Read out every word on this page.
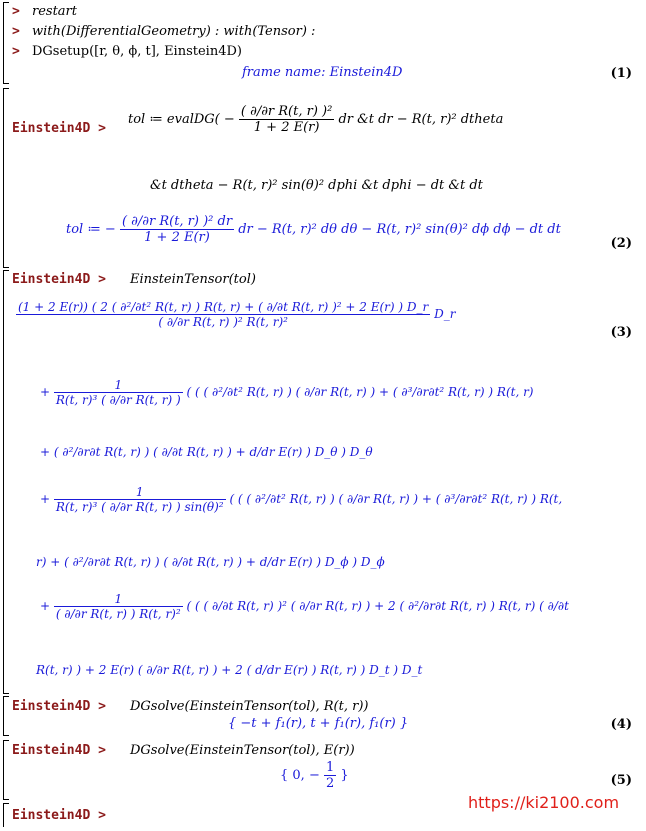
> restart
> with(DifferentialGeometry) : with(Tensor) :
> DGsetup([r, θ, ϕ, t], Einstein4D)
frame name: Einstein4D	(1)
Einstein4D >
tol ≔ evalDG( − $\frac{\text{( ∂/∂r R(t, r) )²}}{1 + 2 E(r)}$ dr &t dr − R(t, r)² dtheta
&t dtheta − R(t, r)² sin(θ)² dphi &t dphi − dt &t dt
tol ≔ − $\frac{\text{( ∂/∂r R(t, r) )² dr}}{1 + 2 E(r)}$ dr − R(t, r)² dθ dθ − R(t, r)² sin(θ)² dϕ dϕ − dt dt
(2)
Einstein4D > EinsteinTensor(tol)
(1 + 2 E(r)) ( 2 ( ∂²/∂t² R(t, r) ) R(t, r) + ( ∂/∂t R(t, r) )² + 2 E(r) ) D_r
( ∂/∂r R(t, r) )² R(t, r)²
D_r
(3)
+ $\frac{1}{\text{R(t, r)³ ( ∂/∂r R(t, r) )}}$ ( ( ( ∂²/∂t² R(t, r) ) ( ∂/∂r R(t, r) ) + ( ∂³/∂r∂t² R(t, r) ) R(t, r)
+ ( ∂²/∂r∂t R(t, r) ) ( ∂/∂t R(t, r) ) + d/dr E(r) ) D_θ ) D_θ
+ $\frac{1}{\text{R(t, r)³ ( ∂/∂r R(t, r) ) sin(θ)²}}$ ( ( ( ∂²/∂t² R(t, r) ) ( ∂/∂r R(t, r) ) + ( ∂³/∂r∂t² R(t, r) ) R(t,
r) + ( ∂²/∂r∂t R(t, r) ) ( ∂/∂t R(t, r) ) + d/dr E(r) ) D_ϕ ) D_ϕ
+ $\frac{1}{\text{( ∂/∂r R(t, r) ) R(t, r)²}}$ ( ( ( ∂/∂t R(t, r) )² ( ∂/∂r R(t, r) ) + 2 ( ∂²/∂r∂t R(t, r) ) R(t, r) ( ∂/∂t
R(t, r) ) + 2 E(r) ( ∂/∂r R(t, r) ) + 2 ( d/dr E(r) ) R(t, r) ) D_t ) D_t
Einstein4D > DGsolve(EinsteinTensor(tol), R(t, r))
{ −t + f₁(r), t + f₁(r), f₁(r) }	(4)
Einstein4D > DGsolve(EinsteinTensor(tol), E(r))
{ 0, − $\frac{1}{2}$ }	(5)
Einstein4D >
https://ki2100.com
